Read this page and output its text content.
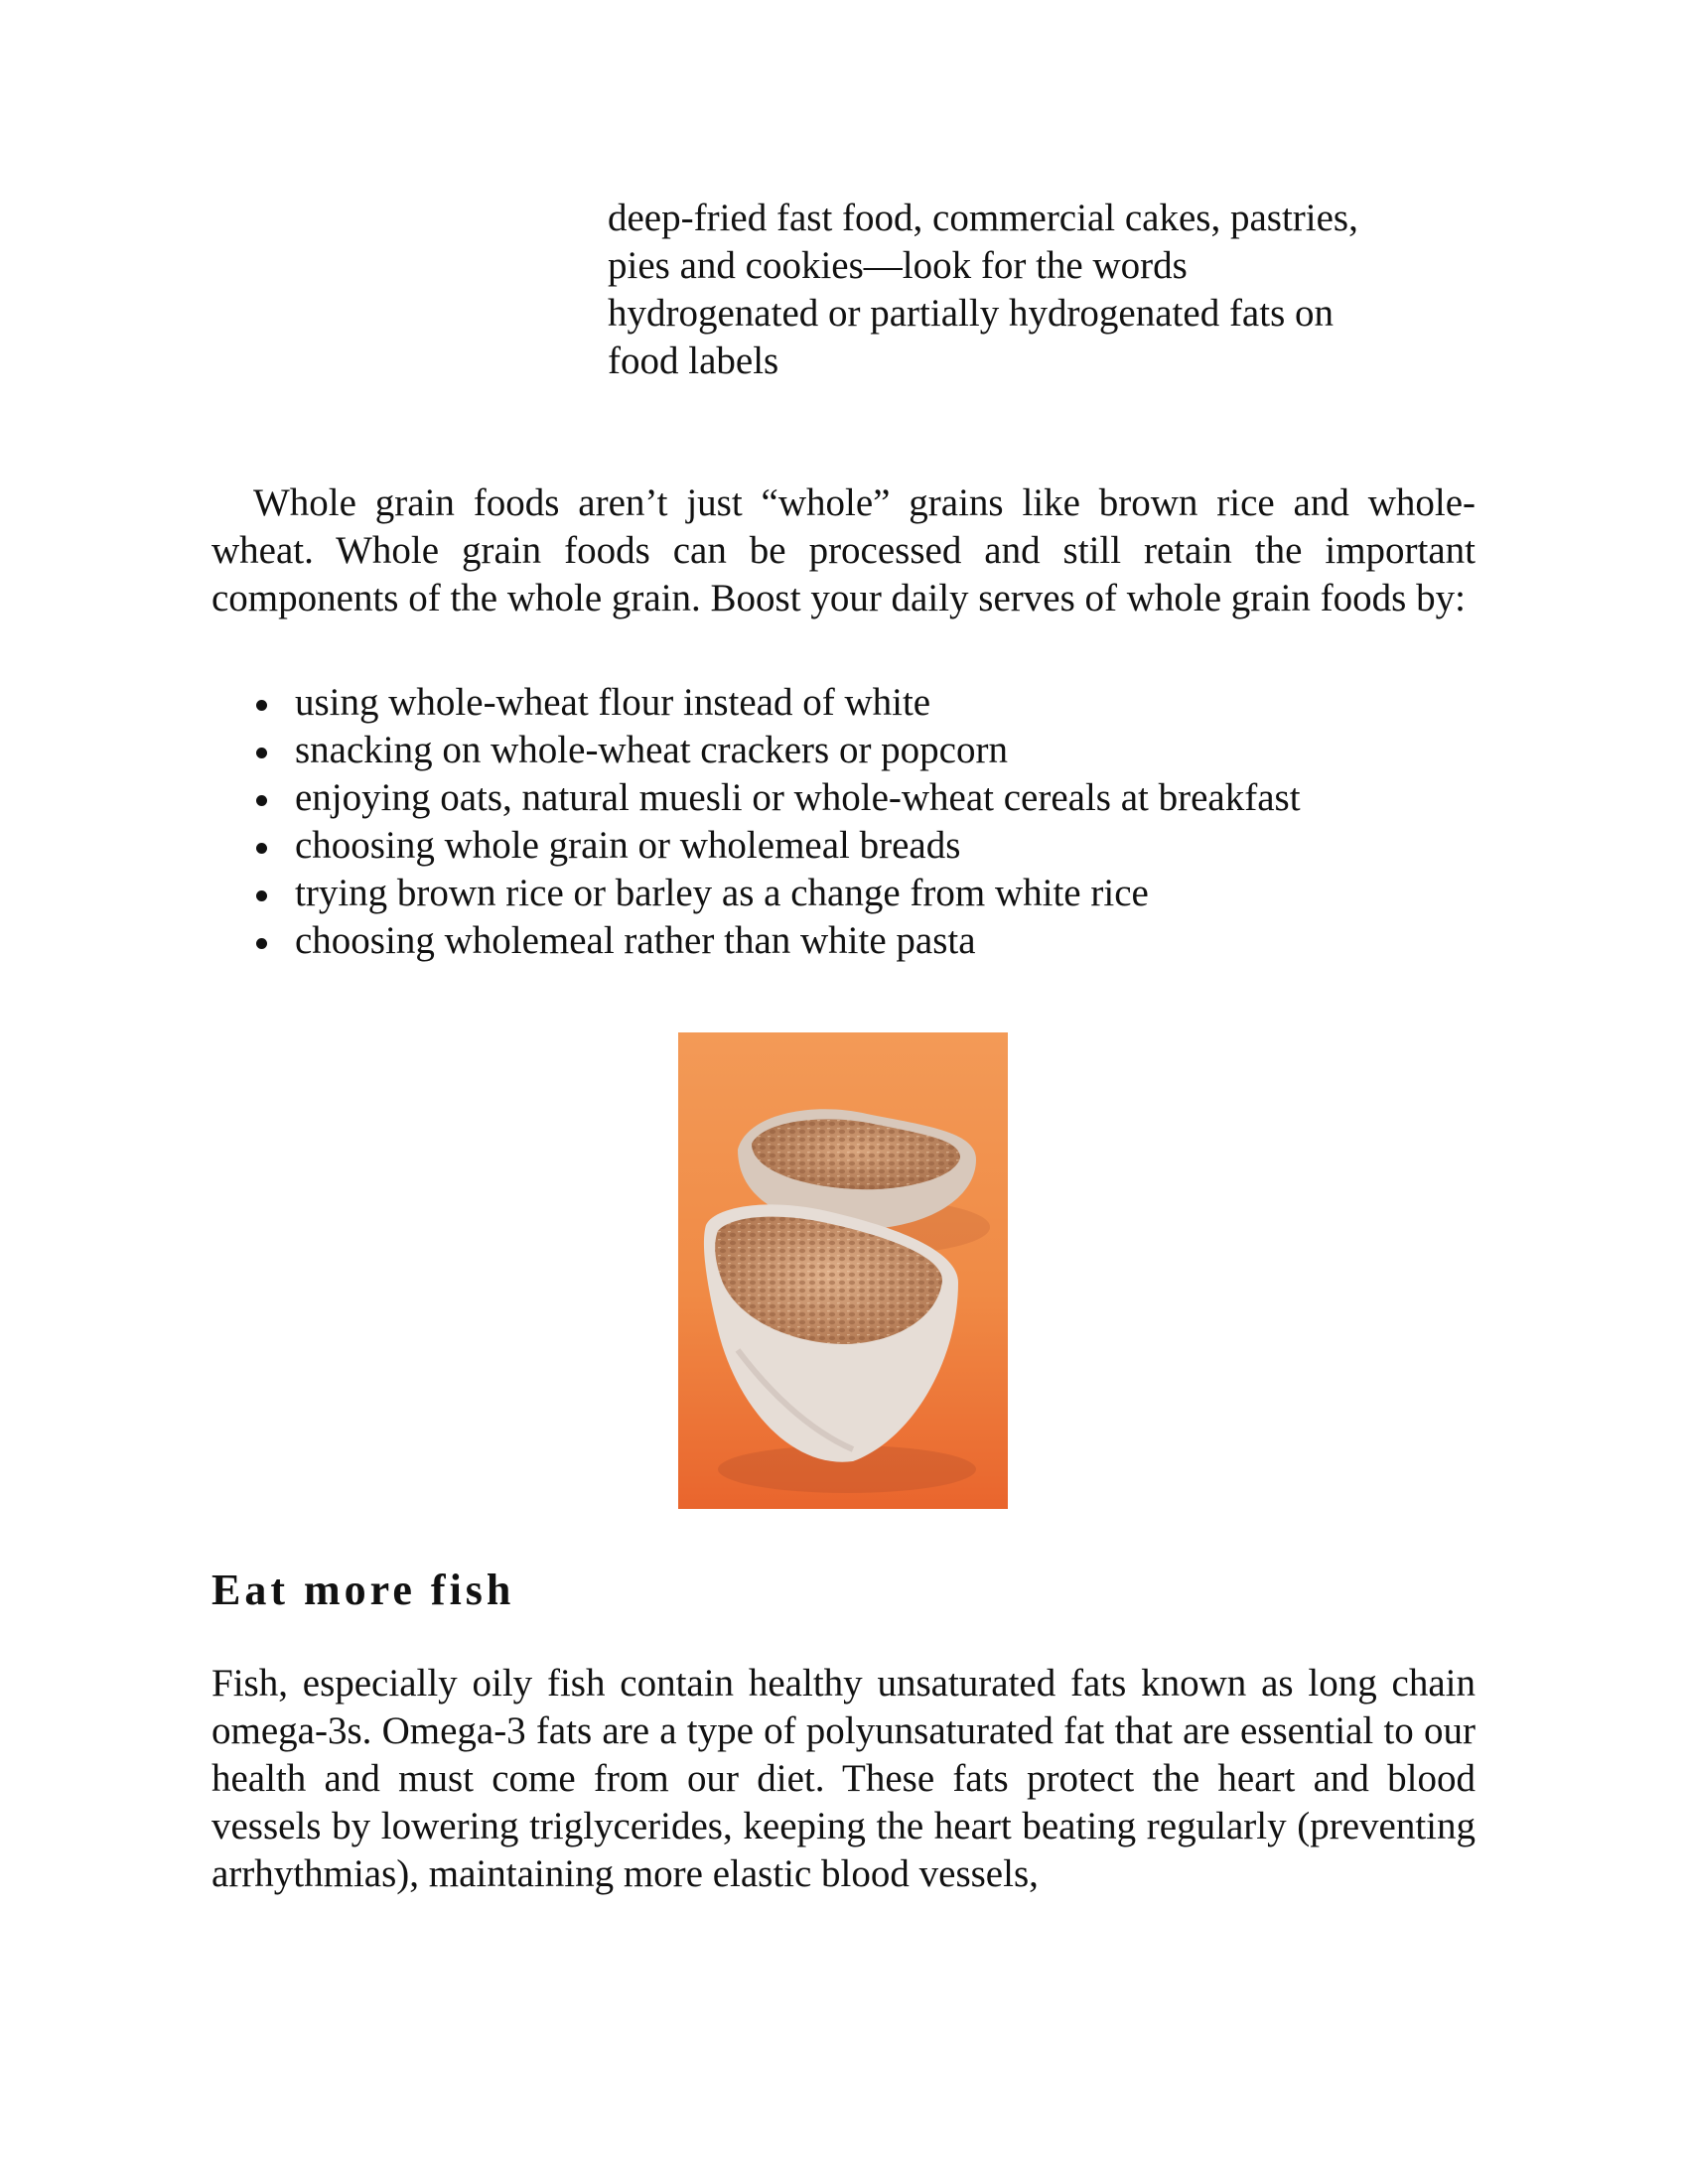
deep-fried fast food, commercial cakes, pastries,
pies and cookies—look for the words
hydrogenated or partially hydrogenated fats on
food labels

Whole grain foods aren’t just “whole” grains like brown rice and whole-wheat. Whole grain foods can be processed and still retain the important components of the whole grain. Boost your daily serves of whole grain foods by:

using whole-wheat flour instead of white
snacking on whole-wheat crackers or popcorn
enjoying oats, natural muesli or whole-wheat cereals at breakfast
choosing whole grain or wholemeal breads
trying brown rice or barley as a change from white rice
choosing wholemeal rather than white pasta
Eat more fish

Fish, especially oily fish contain healthy unsaturated fats known as long chain omega-3s. Omega-3 fats are a type of polyunsaturated fat that are essential to our health and must come from our diet. These fats protect the heart and blood vessels by lowering triglycerides, keeping the heart beating regularly (preventing arrhythmias), maintaining more elastic blood vessels,
